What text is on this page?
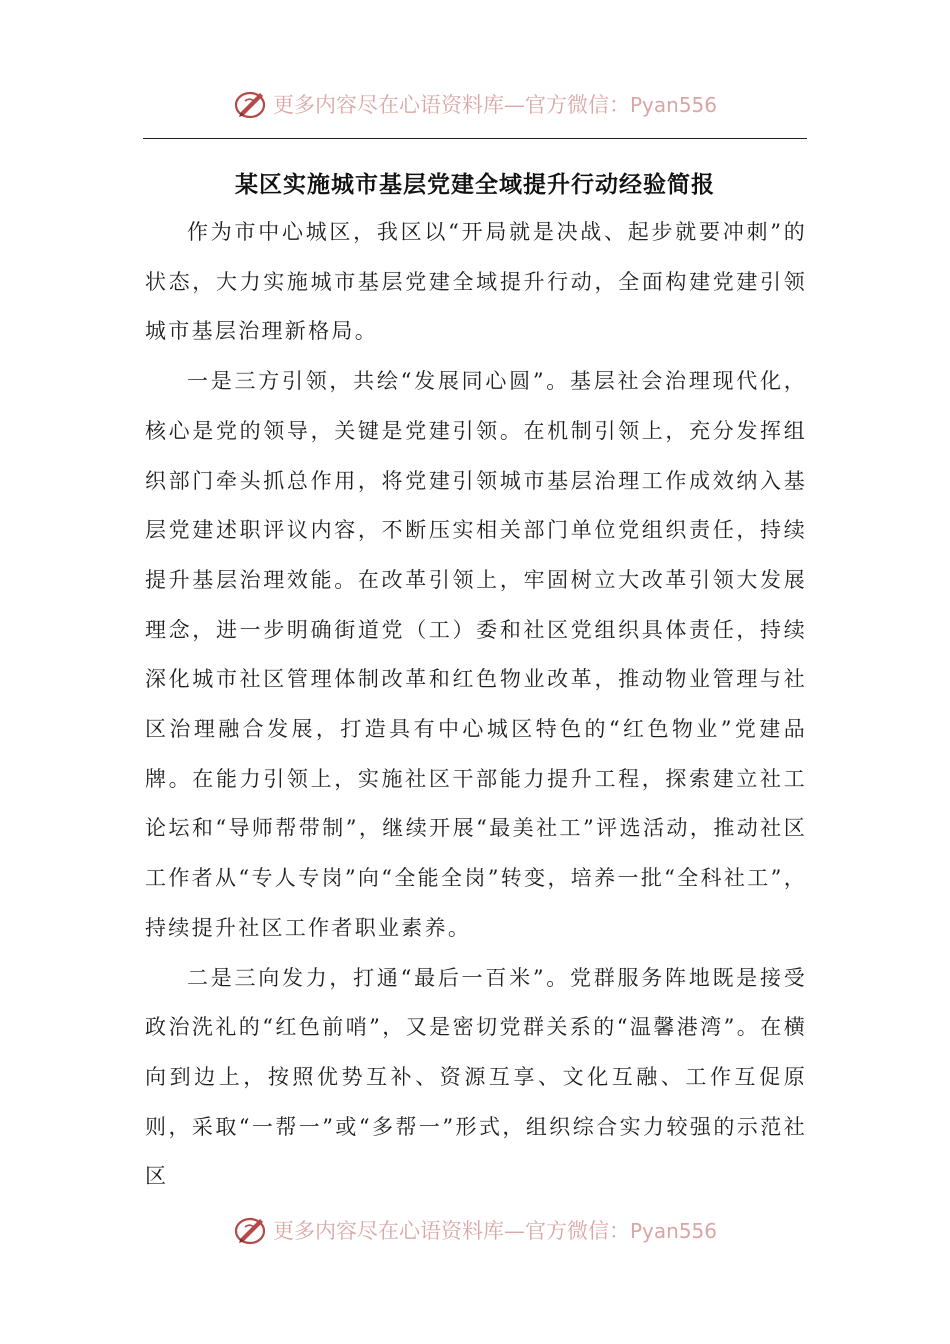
更多内容尽在心语资料库—官方微信：Pyan556
某区实施城市基层党建全域提升行动经验简报

作为市中心城区，我区以“开局就是决战、起步就要冲刺”的状态，大力实施城市基层党建全域提升行动，全面构建党建引领城市基层治理新格局。

一是三方引领，共绘“发展同心圆”。基层社会治理现代化，核心是党的领导，关键是党建引领。在机制引领上，充分发挥组织部门牵头抓总作用，将党建引领城市基层治理工作成效纳入基层党建述职评议内容，不断压实相关部门单位党组织责任，持续提升基层治理效能。在改革引领上，牢固树立大改革引领大发展理念，进一步明确街道党（工）委和社区党组织具体责任，持续深化城市社区管理体制改革和红色物业改革，推动物业管理与社区治理融合发展，打造具有中心城区特色的“红色物业”党建品牌。在能力引领上，实施社区干部能力提升工程，探索建立社工论坛和“导师帮带制”，继续开展“最美社工”评选活动，推动社区工作者从“专人专岗”向“全能全岗”转变，培养一批“全科社工”，持续提升社区工作者职业素养。

二是三向发力，打通“最后一百米”。党群服务阵地既是接受政治洗礼的“红色前哨”，又是密切党群关系的“温馨港湾”。在横向到边上，按照优势互补、资源互享、文化互融、工作互促原则，采取“一帮一”或“多帮一”形式，组织综合实力较强的示范社区

更多内容尽在心语资料库—官方微信：Pyan556
